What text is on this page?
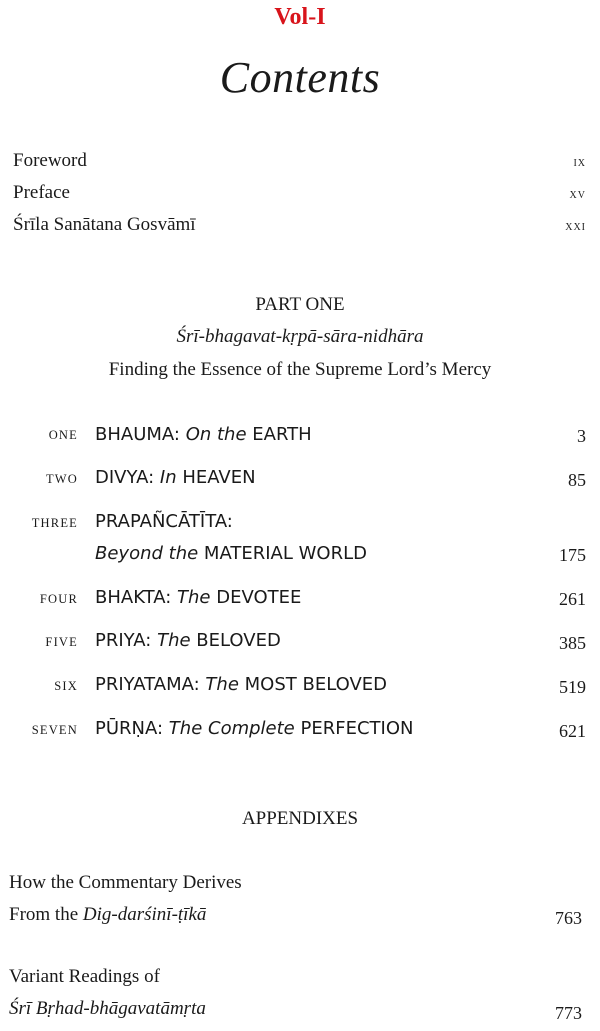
Vol-I
Contents
Foreword	ix
Preface	xv
Śrīla Sanātana Gosvāmī	xxi
PART ONE
Śrī-bhagavat-kṛpā-sāra-nidhāra
Finding the Essence of the Supreme Lord’s Mercy
ONE BHAUMA: On the EARTH	3
TWO DIVYA: In HEAVEN	85
THREE PRAPAÑCĀTĪTA:
Beyond the MATERIAL WORLD	175
FOUR BHAKTA: The DEVOTEE	261
FIVE PRIYA: The BELOVED	385
SIX PRIYATAMA: The MOST BELOVED	519
SEVEN PŪRṆA: The Complete PERFECTION	621
APPENDIXES
How the Commentary Derives
From the Dig-darśinī-ṭīkā	763
Variant Readings of
Śrī Bṛhad-bhāgavatāmṛta	773
